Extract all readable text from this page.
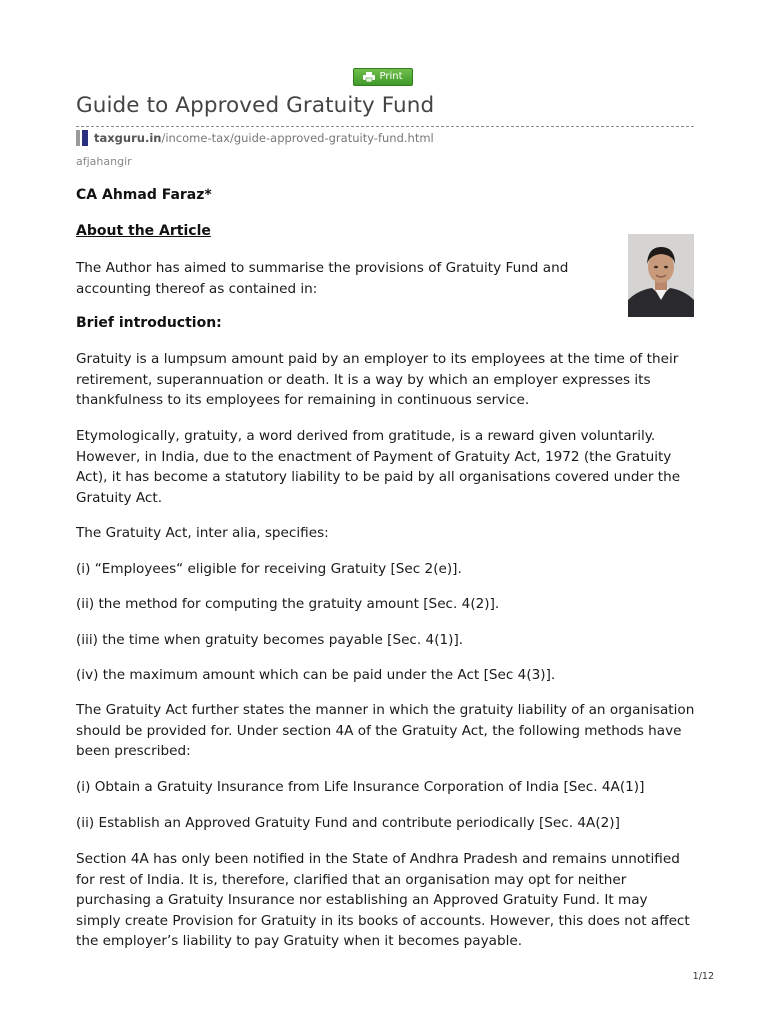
Print
Guide to Approved Gratuity Fund
taxguru.in /income-tax/guide-approved-gratuity-fund.html
afjahangir
CA Ahmad Faraz*
About the Article

The Author has aimed to summarise the provisions of Gratuity Fund and accounting thereof as contained in:

Brief introduction:

Gratuity is a lumpsum amount paid by an employer to its employees at the time of their retirement, superannuation or death. It is a way by which an employer expresses its thankfulness to its employees for remaining in continuous service.

Etymologically, gratuity, a word derived from gratitude, is a reward given voluntarily. However, in India, due to the enactment of Payment of Gratuity Act, 1972 (the Gratuity Act), it has become a statutory liability to be paid by all organisations covered under the Gratuity Act.

The Gratuity Act, inter alia, specifies:

(i) “Employees“ eligible for receiving Gratuity [Sec 2(e)].

(ii) the method for computing the gratuity amount [Sec. 4(2)].

(iii) the time when gratuity becomes payable [Sec. 4(1)].

(iv) the maximum amount which can be paid under the Act [Sec 4(3)].

The Gratuity Act further states the manner in which the gratuity liability of an organisation should be provided for. Under section 4A of the Gratuity Act, the following methods have been prescribed:

(i) Obtain a Gratuity Insurance from Life Insurance Corporation of India [Sec. 4A(1)]

(ii) Establish an Approved Gratuity Fund and contribute periodically [Sec. 4A(2)]

Section 4A has only been notified in the State of Andhra Pradesh and remains unnotified for rest of India. It is, therefore, clarified that an organisation may opt for neither purchasing a Gratuity Insurance nor establishing an Approved Gratuity Fund. It may simply create Provision for Gratuity in its books of accounts. However, this does not affect the employer’s liability to pay Gratuity when it becomes payable.

1/12
